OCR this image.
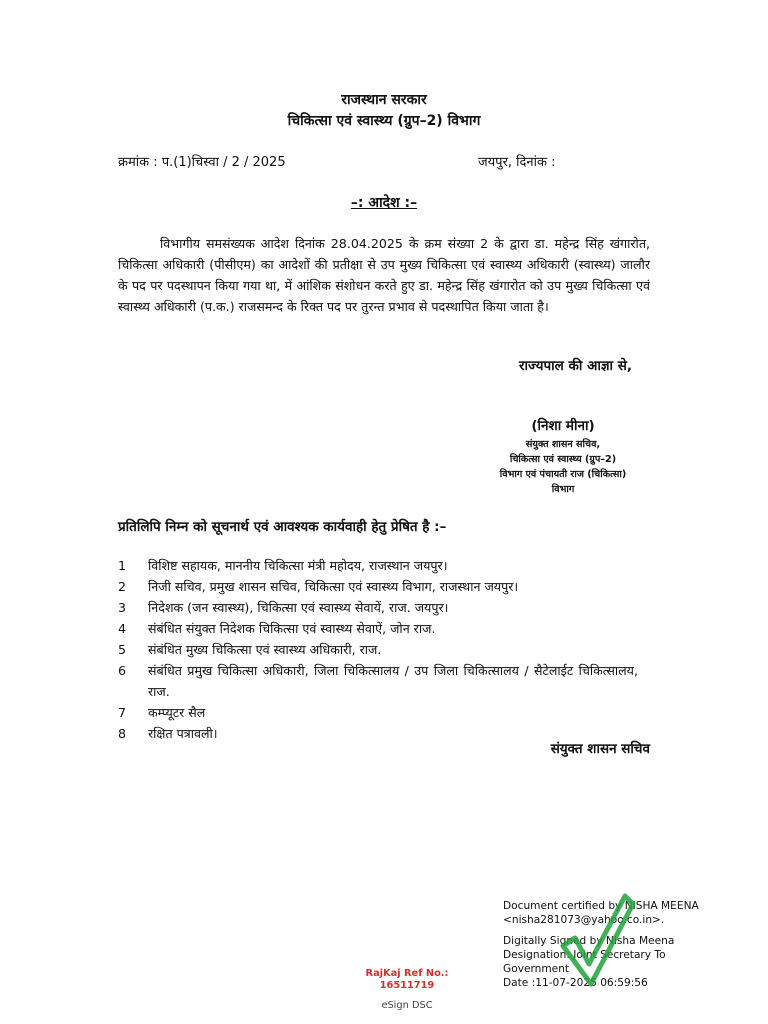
राजस्थान सरकार
चिकित्सा एवं स्वास्थ्य (ग्रुप–2) विभाग
क्रमांक : प.(1)चिस्वा / 2 / 2025	जयपुर, दिनांक :
–: आदेश :–
विभागीय समसंख्यक आदेश दिनांक 28.04.2025 के क्रम संख्या 2 के द्वारा डा. महेन्द्र सिंह खंगारोत, चिकित्सा अधिकारी (पीसीएम) का आदेशों की प्रतीक्षा से उप मुख्य चिकित्सा एवं स्वास्थ्य अधिकारी (स्वास्थ्य) जालौर के पद पर पदस्थापन किया गया था, में आंशिक संशोधन करते हुए डा. महेन्द्र सिंह खंगारोत को उप मुख्य चिकित्सा एवं स्वास्थ्य अधिकारी (प.क.) राजसमन्द के रिक्त पद पर तुरन्त प्रभाव से पदस्थापित किया जाता है।
राज्यपाल की आज्ञा से,
(निशा मीना)
संयुक्त शासन सचिव,
चिकित्सा एवं स्वास्थ्य (ग्रुप–2)
विभाग एवं पंचायती राज (चिकित्सा)
विभाग
प्रतिलिपि निम्न को सूचनार्थ एवं आवश्यक कार्यवाही हेतु प्रेषित है :–
1 विशिष्ट सहायक, माननीय चिकित्सा मंत्री महोदय, राजस्थान जयपुर।
2 निजी सचिव, प्रमुख शासन सचिव, चिकित्सा एवं स्वास्थ्य विभाग, राजस्थान जयपुर।
3 निदेशक (जन स्वास्थ्य), चिकित्सा एवं स्वास्थ्य सेवायें, राज. जयपुर।
4 संबंधित संयुक्त निदेशक चिकित्सा एवं स्वास्थ्य सेवाऐं, जोन राज.
5 संबंधित मुख्य चिकित्सा एवं स्वास्थ्य अधिकारी, राज.
6 संबंधित प्रमुख चिकित्सा अधिकारी, जिला चिकित्सालय / उप जिला चिकित्सालय / सैटेलाईट चिकित्सालय, राज.
7 कम्प्यूटर सैल
8 रक्षित पत्रावली।
संयुक्त शासन सचिव
Document certified by NISHA MEENA
<nisha281073@yahoo.co.in>.
Digitally Signed by Nisha Meena
Designation: Joint Secretary To
Government
Date :11-07-2025 06:59:56
RajKaj Ref No.:
16511719
eSign DSC
